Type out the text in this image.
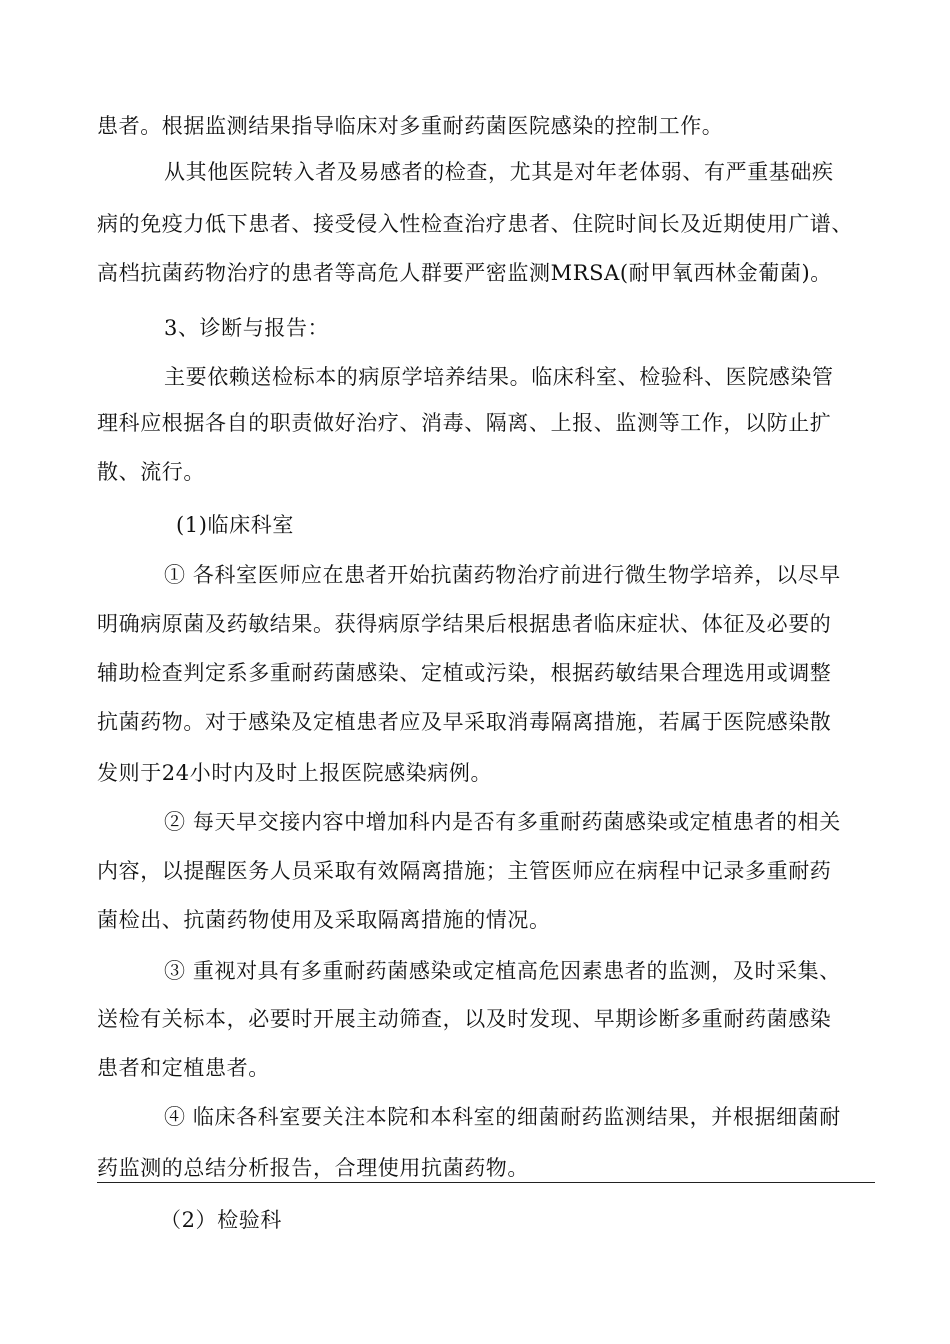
患者。根据监测结果指导临床对多重耐药菌医院感染的控制工作。
从其他医院转入者及易感者的检查，尤其是对年老体弱、有严重基础疾
病的免疫力低下患者、接受侵入性检查治疗患者、住院时间长及近期使用广谱、
高档抗菌药物治疗的患者等高危人群要严密监测MRSA(耐甲氧西林金葡菌)。
3、诊断与报告：
主要依赖送检标本的病原学培养结果。临床科室、检验科、医院感染管
理科应根据各自的职责做好治疗、消毒、隔离、上报、监测等工作，以防止扩
散、流行。
(1)临床科室
① 各科室医师应在患者开始抗菌药物治疗前进行微生物学培养，以尽早
明确病原菌及药敏结果。获得病原学结果后根据患者临床症状、体征及必要的
辅助检查判定系多重耐药菌感染、定植或污染，根据药敏结果合理选用或调整
抗菌药物。对于感染及定植患者应及早采取消毒隔离措施，若属于医院感染散
发则于24小时内及时上报医院感染病例。
② 每天早交接内容中增加科内是否有多重耐药菌感染或定植患者的相关
内容，以提醒医务人员采取有效隔离措施；主管医师应在病程中记录多重耐药
菌检出、抗菌药物使用及采取隔离措施的情况。
③ 重视对具有多重耐药菌感染或定植高危因素患者的监测，及时采集、
送检有关标本，必要时开展主动筛查，以及时发现、早期诊断多重耐药菌感染
患者和定植患者。
④ 临床各科室要关注本院和本科室的细菌耐药监测结果，并根据细菌耐
药监测的总结分析报告，合理使用抗菌药物。
（2）检验科
